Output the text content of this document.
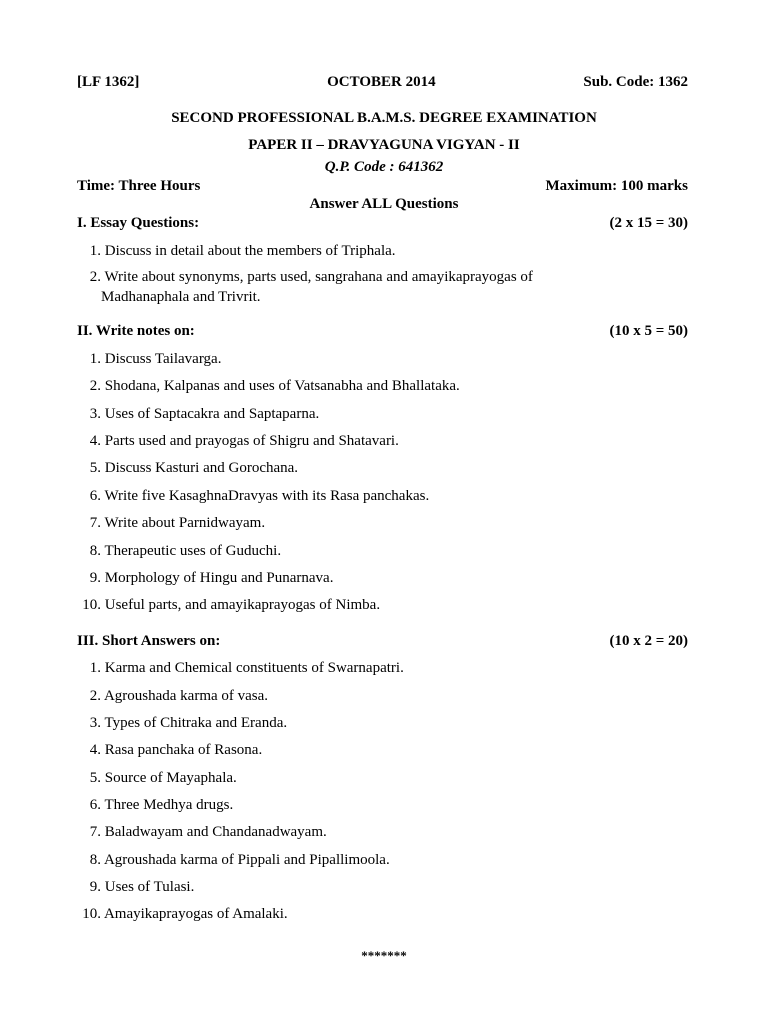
[LF 1362]	OCTOBER 2014	Sub. Code: 1362
SECOND PROFESSIONAL B.A.M.S. DEGREE EXAMINATION
PAPER II – DRAVYAGUNA VIGYAN - II
Q.P. Code : 641362
Time: Three Hours	Maximum: 100 marks
Answer ALL Questions
I. Essay Questions:	(2 x 15 = 30)
1. Discuss in detail about the members of Triphala.
2. Write about synonyms, parts used, sangrahana and amayikaprayogas of
Madhanaphala and Trivrit.
II. Write notes on:	(10 x 5 = 50)
1. Discuss Tailavarga.
2. Shodana, Kalpanas and uses of Vatsanabha and Bhallataka.
3. Uses of Saptacakra and Saptaparna.
4. Parts used and prayogas of Shigru and Shatavari.
5. Discuss Kasturi and Gorochana.
6. Write five KasaghnaDravyas with its Rasa panchakas.
7. Write about Parnidwayam.
8. Therapeutic uses of Guduchi.
9. Morphology of Hingu and Punarnava.
10. Useful parts, and amayikaprayogas of Nimba.
III. Short Answers on:	(10 x 2 = 20)
1. Karma and Chemical constituents of Swarnapatri.
2. Agroushada karma of vasa.
3. Types of Chitraka and Eranda.
4. Rasa panchaka of Rasona.
5. Source of Mayaphala.
6. Three Medhya drugs.
7. Baladwayam and Chandanadwayam.
8. Agroushada karma of Pippali and Pipallimoola.
9. Uses of Tulasi.
10. Amayikaprayogas of Amalaki.
*******
